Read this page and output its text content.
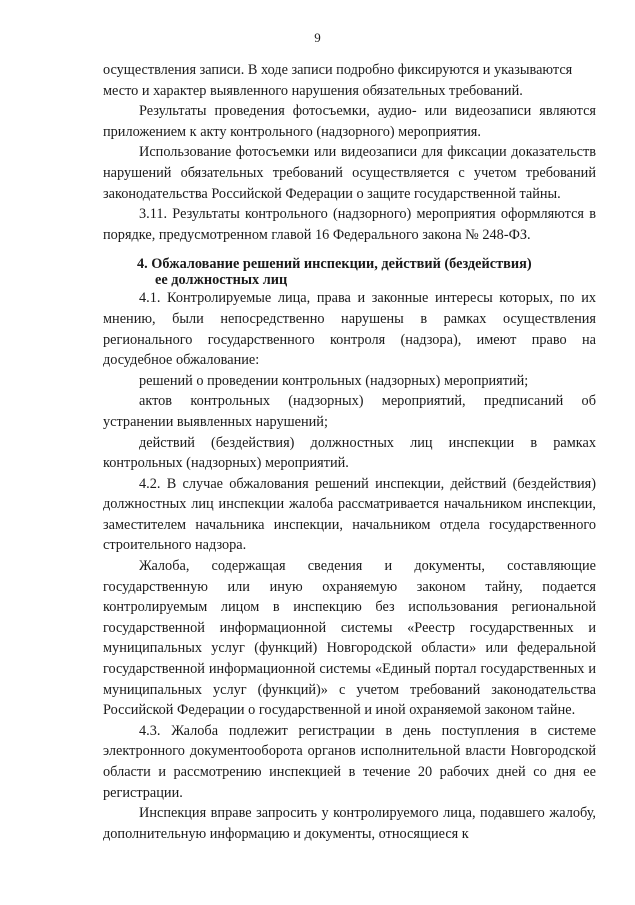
9

осуществления записи. В ходе записи подробно фиксируются и указываются место и характер выявленного нарушения обязательных требований.

Результаты проведения фотосъемки, аудио- или видеозаписи являются приложением к акту контрольного (надзорного) мероприятия.

Использование фотосъемки или видеозаписи для фиксации доказательств нарушений обязательных требований осуществляется с учетом требований законодательства Российской Федерации о защите государственной тайны.

3.11. Результаты контрольного (надзорного) мероприятия оформляются в порядке, предусмотренном главой 16 Федерального закона № 248-ФЗ.

4. Обжалование решений инспекции, действий (бездействия)
ее должностных лиц

4.1. Контролируемые лица, права и законные интересы которых, по их мнению, были непосредственно нарушены в рамках осуществления регионального государственного контроля (надзора), имеют право на досудебное обжалование:

решений о проведении контрольных (надзорных) мероприятий;

актов контрольных (надзорных) мероприятий, предписаний об устранении выявленных нарушений;

действий (бездействия) должностных лиц инспекции в рамках контрольных (надзорных) мероприятий.

4.2. В случае обжалования решений инспекции, действий (бездействия) должностных лиц инспекции жалоба рассматривается начальником инспекции, заместителем начальника инспекции, начальником отдела государственного строительного надзора.

Жалоба, содержащая сведения и документы, составляющие государственную или иную охраняемую законом тайну, подается контролируемым лицом в инспекцию без использования региональной государственной информационной системы «Реестр государственных и муниципальных услуг (функций) Новгородской области» или федеральной государственной информационной системы «Единый портал государственных и муниципальных услуг (функций)» с учетом требований законодательства Российской Федерации о государственной и иной охраняемой законом тайне.

4.3. Жалоба подлежит регистрации в день поступления в системе электронного документооборота органов исполнительной власти Новгородской области и рассмотрению инспекцией в течение 20 рабочих дней со дня ее регистрации.

Инспекция вправе запросить у контролируемого лица, подавшего жалобу, дополнительную информацию и документы, относящиеся к
